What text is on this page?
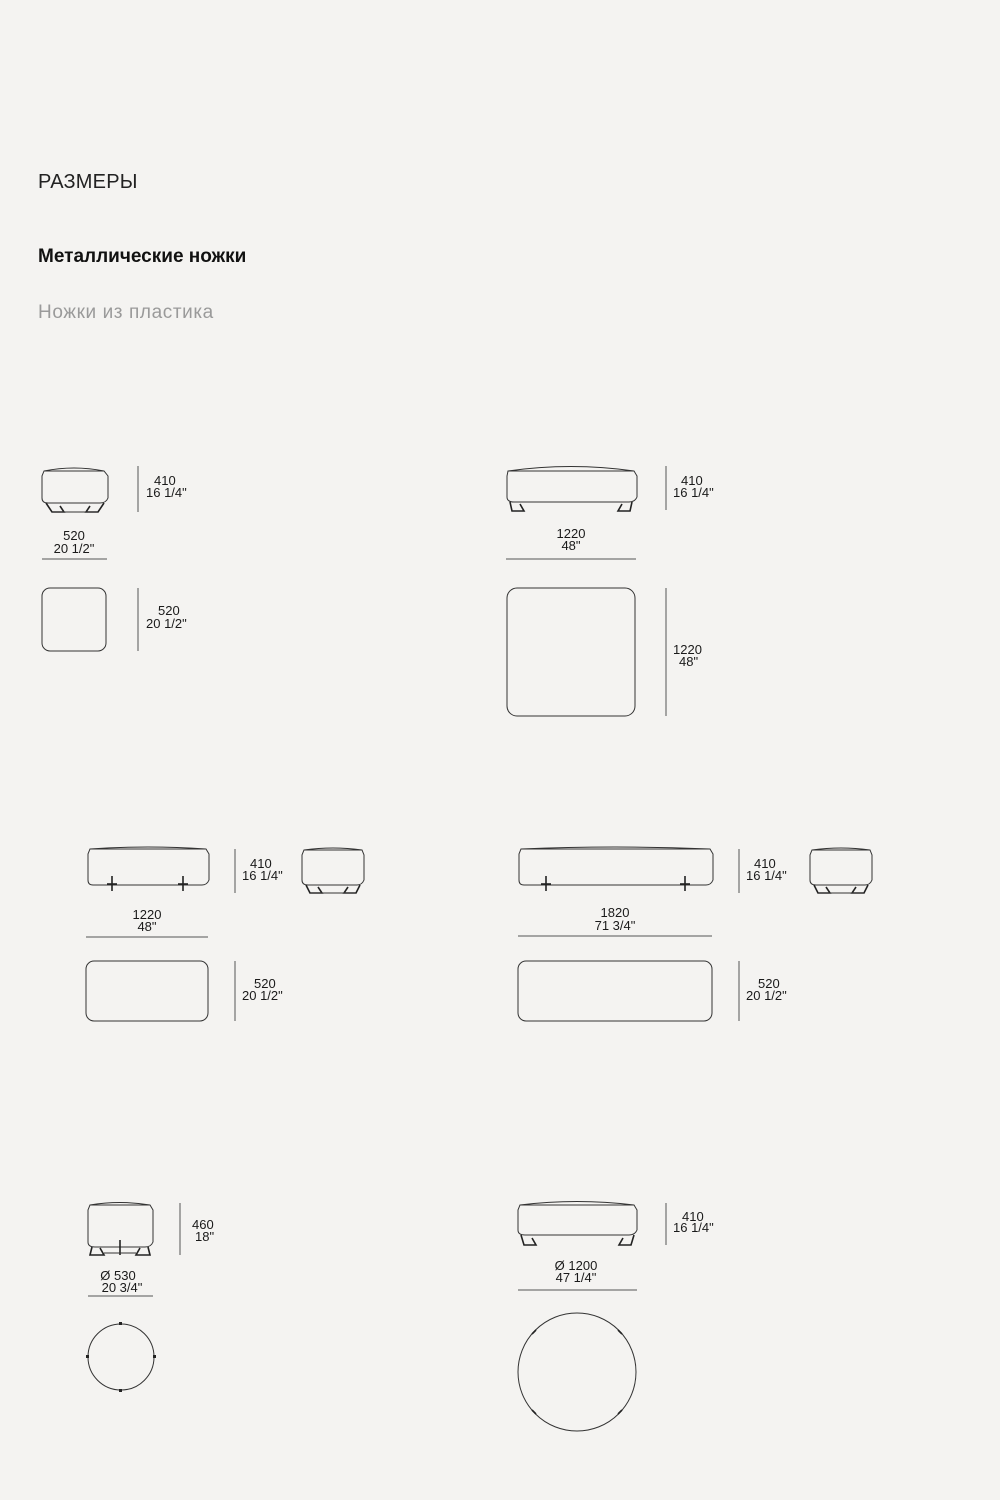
РАЗМЕРЫ
Металлические ножки
Ножки из пластика
410
16 1/4"
520
20 1/2"
520
20 1/2"
410
16 1/4"
1220
48"
1220
48"
410
16 1/4"
1220
48"
520
20 1/2"
410
16 1/4"
1820
71 3/4"
520
20 1/2"
460
18"
Ø 530
20 3/4"
410
16 1/4"
Ø 1200
47 1/4"
